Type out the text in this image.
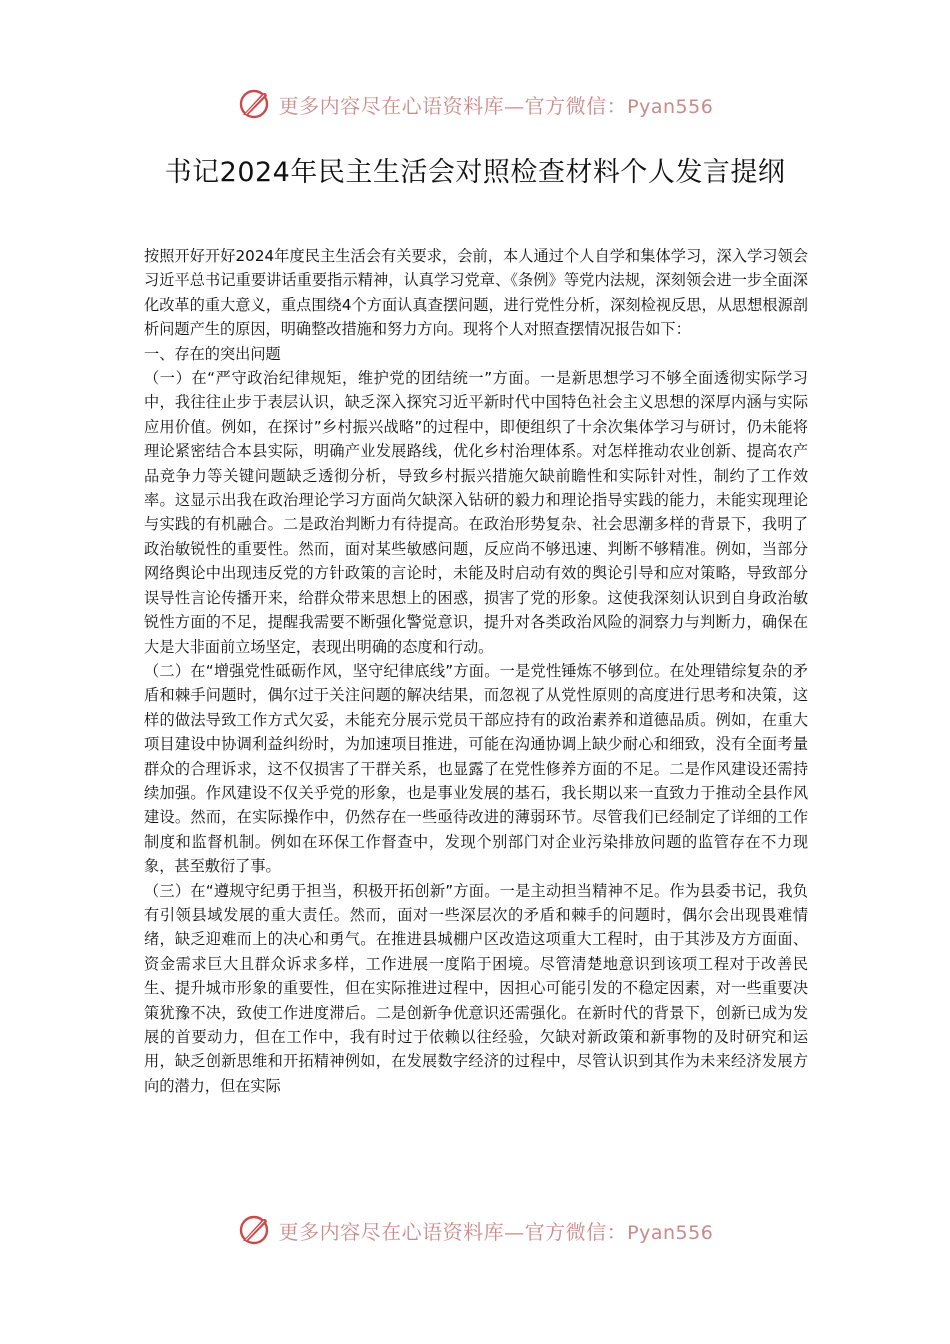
更多内容尽在心语资料库—官方微信：Pyan556
书记2024年民主生活会对照检查材料个人发言提纲

按照开好开好2024年度民主生活会有关要求，会前，本人通过个人自学和集体学习，深入学习领会习近平总书记重要讲话重要指示精神，认真学习党章、《条例》等党内法规，深刻领会进一步全面深化改革的重大意义，重点围绕4个方面认真查摆问题，进行党性分析，深刻检视反思，从思想根源剖析问题产生的原因，明确整改措施和努力方向。现将个人对照查摆情况报告如下：

一、存在的突出问题

（一）在“严守政治纪律规矩，维护党的团结统一”方面。一是新思想学习不够全面透彻实际学习中，我往往止步于表层认识，缺乏深入探究习近平新时代中国特色社会主义思想的深厚内涵与实际应用价值。例如，在探讨”乡村振兴战略”的过程中，即便组织了十余次集体学习与研讨，仍未能将理论紧密结合本县实际，明确产业发展路线，优化乡村治理体系。对怎样推动农业创新、提高农产品竞争力等关键问题缺乏透彻分析，导致乡村振兴措施欠缺前瞻性和实际针对性，制约了工作效率。这显示出我在政治理论学习方面尚欠缺深入钻研的毅力和理论指导实践的能力，未能实现理论与实践的有机融合。二是政治判断力有待提高。在政治形势复杂、社会思潮多样的背景下，我明了政治敏锐性的重要性。然而，面对某些敏感问题，反应尚不够迅速、判断不够精准。例如，当部分网络舆论中出现违反党的方针政策的言论时，未能及时启动有效的舆论引导和应对策略，导致部分误导性言论传播开来，给群众带来思想上的困惑，损害了党的形象。这使我深刻认识到自身政治敏锐性方面的不足，提醒我需要不断强化警觉意识，提升对各类政治风险的洞察力与判断力，确保在大是大非面前立场坚定，表现出明确的态度和行动。

（二）在“增强党性砥砺作风，坚守纪律底线”方面。一是党性锤炼不够到位。在处理错综复杂的矛盾和棘手问题时，偶尔过于关注问题的解决结果，而忽视了从党性原则的高度进行思考和决策，这样的做法导致工作方式欠妥，未能充分展示党员干部应持有的政治素养和道德品质。例如，在重大项目建设中协调利益纠纷时，为加速项目推进，可能在沟通协调上缺少耐心和细致，没有全面考量群众的合理诉求，这不仅损害了干群关系，也显露了在党性修养方面的不足。二是作风建设还需持续加强。作风建设不仅关乎党的形象，也是事业发展的基石，我长期以来一直致力于推动全县作风建设。然而，在实际操作中，仍然存在一些亟待改进的薄弱环节。尽管我们已经制定了详细的工作制度和监督机制。例如在环保工作督查中，发现个别部门对企业污染排放问题的监管存在不力现象，甚至敷衍了事。

（三）在“遵规守纪勇于担当，积极开拓创新”方面。一是主动担当精神不足。作为县委书记，我负有引领县域发展的重大责任。然而，面对一些深层次的矛盾和棘手的问题时，偶尔会出现畏难情绪，缺乏迎难而上的决心和勇气。在推进县城棚户区改造这项重大工程时，由于其涉及方方面面、资金需求巨大且群众诉求多样，工作进展一度陷于困境。尽管清楚地意识到该项工程对于改善民生、提升城市形象的重要性，但在实际推进过程中，因担心可能引发的不稳定因素，对一些重要决策犹豫不决，致使工作进度滞后。二是创新争优意识还需强化。在新时代的背景下，创新已成为发展的首要动力，但在工作中，我有时过于依赖以往经验，欠缺对新政策和新事物的及时研究和运用，缺乏创新思维和开拓精神例如，在发展数字经济的过程中，尽管认识到其作为未来经济发展方向的潜力，但在实际

更多内容尽在心语资料库—官方微信：Pyan556
